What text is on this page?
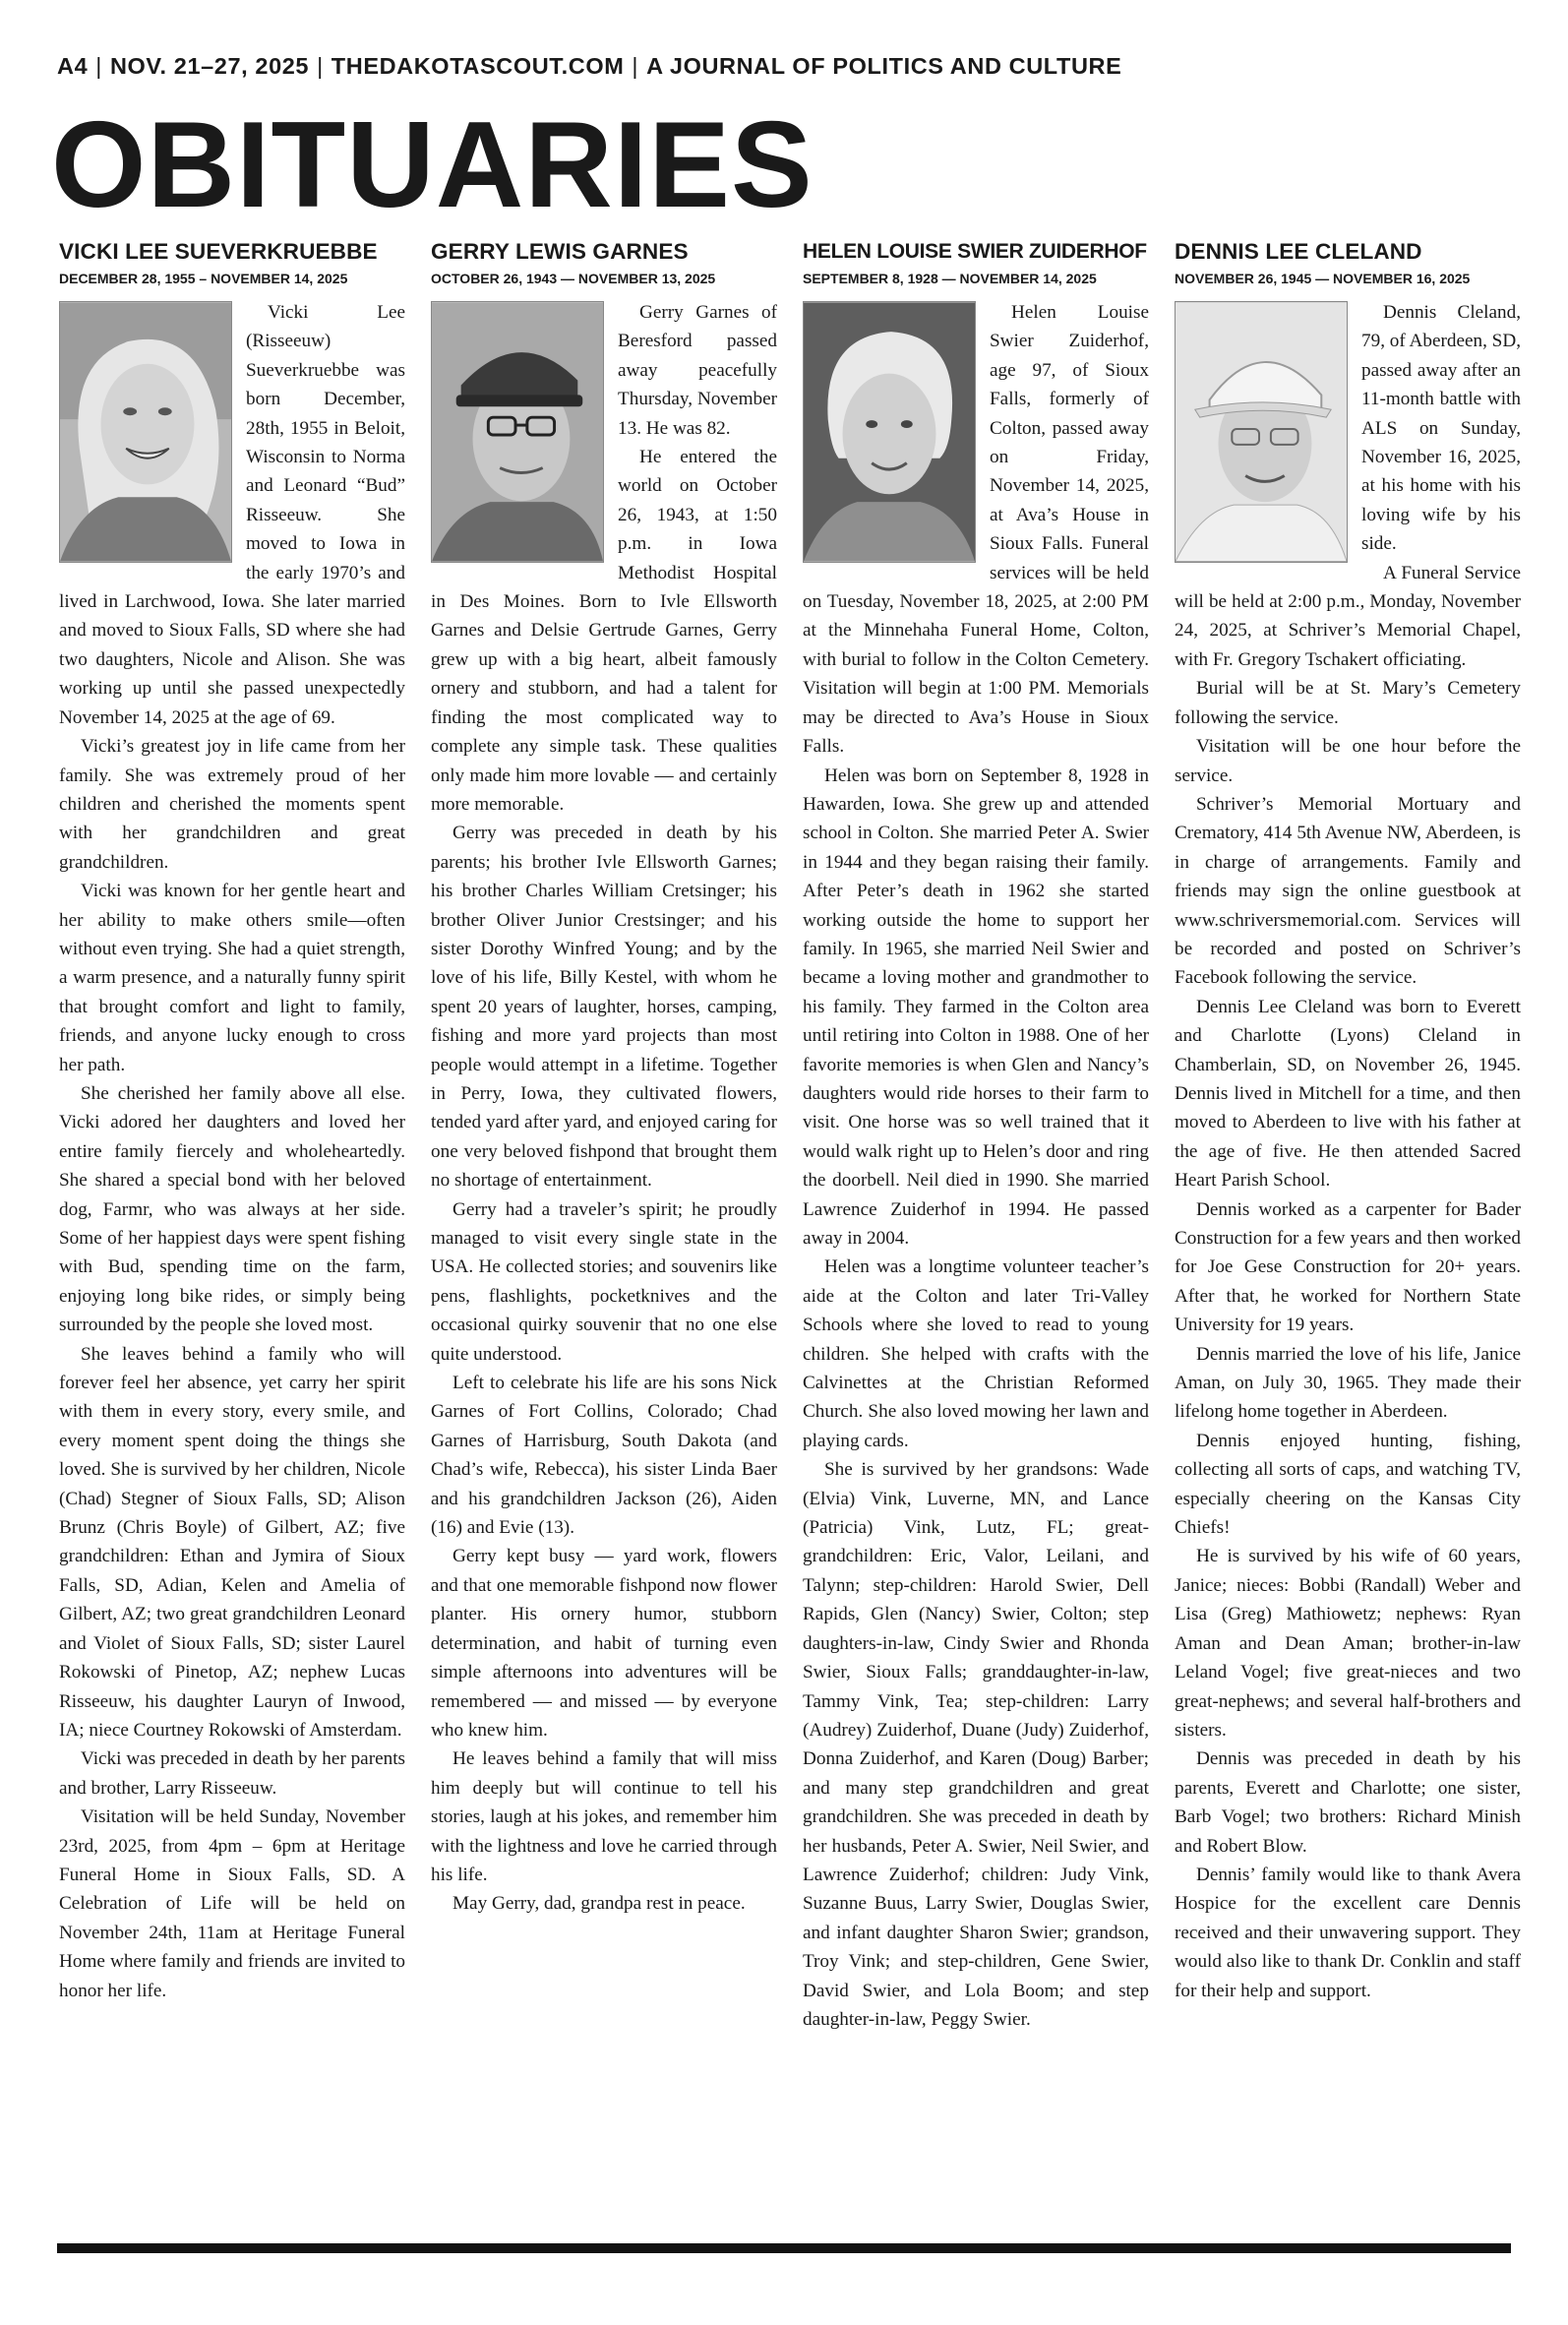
A4 | NOV. 21–27, 2025 | THEDAKOTASCOUT.COM | A JOURNAL OF POLITICS AND CULTURE
OBITUARIES
VICKI LEE SUEVERKRUEBBE
DECEMBER 28, 1955 – NOVEMBER 14, 2025

Vicki Lee (Risseeuw) Sueverkruebbe was born December, 28th, 1955 in Beloit, Wisconsin to Norma and Leonard “Bud” Risseeuw. She moved to Iowa in the early 1970’s and lived in Larchwood, Iowa. She later married and moved to Sioux Falls, SD where she had two daughters, Nicole and Alison. She was working up until she passed unexpectedly November 14, 2025 at the age of 69.

Vicki’s greatest joy in life came from her family. She was extremely proud of her children and cherished the moments spent with her grandchildren and great grandchildren.

Vicki was known for her gentle heart and her ability to make others smile—often without even trying. She had a quiet strength, a warm presence, and a naturally funny spirit that brought comfort and light to family, friends, and anyone lucky enough to cross her path.

She cherished her family above all else. Vicki adored her daughters and loved her entire family fiercely and wholeheartedly. She shared a special bond with her beloved dog, Farmr, who was always at her side. Some of her happiest days were spent fishing with Bud, spending time on the farm, enjoying long bike rides, or simply being surrounded by the people she loved most.

She leaves behind a family who will forever feel her absence, yet carry her spirit with them in every story, every smile, and every moment spent doing the things she loved. She is survived by her children, Nicole (Chad) Stegner of Sioux Falls, SD; Alison Brunz (Chris Boyle) of Gilbert, AZ; five grandchildren: Ethan and Jymira of Sioux Falls, SD, Adian, Kelen and Amelia of Gilbert, AZ; two great grandchildren Leonard and Violet of Sioux Falls, SD; sister Laurel Rokowski of Pinetop, AZ; nephew Lucas Risseeuw, his daughter Lauryn of Inwood, IA; niece Courtney Rokowski of Amsterdam.

Vicki was preceded in death by her parents and brother, Larry Risseeuw.

Visitation will be held Sunday, November 23rd, 2025, from 4pm – 6pm at Heritage Funeral Home in Sioux Falls, SD. A Celebration of Life will be held on November 24th, 11am at Heritage Funeral Home where family and friends are invited to honor her life.

GERRY LEWIS GARNES
OCTOBER 26, 1943 — NOVEMBER 13, 2025

Gerry Garnes of Beresford passed away peacefully Thursday, November 13. He was 82.

He entered the world on October 26, 1943, at 1:50 p.m. in Iowa Methodist Hospital in Des Moines. Born to Ivle Ellsworth Garnes and Delsie Gertrude Garnes, Gerry grew up with a big heart, albeit famously ornery and stubborn, and had a talent for finding the most complicated way to complete any simple task. These qualities only made him more lovable — and certainly more memorable.

Gerry was preceded in death by his parents; his brother Ivle Ellsworth Garnes; his brother Charles William Cretsinger; his brother Oliver Junior Crestsinger; and his sister Dorothy Winfred Young; and by the love of his life, Billy Kestel, with whom he spent 20 years of laughter, horses, camping, fishing and more yard projects than most people would attempt in a lifetime. Together in Perry, Iowa, they cultivated flowers, tended yard after yard, and enjoyed caring for one very beloved fishpond that brought them no shortage of entertainment.

Gerry had a traveler’s spirit; he proudly managed to visit every single state in the USA. He collected stories; and souvenirs like pens, flashlights, pocketknives and the occasional quirky souvenir that no one else quite understood.

Left to celebrate his life are his sons Nick Garnes of Fort Collins, Colorado; Chad Garnes of Harrisburg, South Dakota (and Chad’s wife, Rebecca), his sister Linda Baer and his grandchildren Jackson (26), Aiden (16) and Evie (13).

Gerry kept busy — yard work, flowers and that one memorable fishpond now flower planter. His ornery humor, stubborn determination, and habit of turning even simple afternoons into adventures will be remembered — and missed — by everyone who knew him.

He leaves behind a family that will miss him deeply but will continue to tell his stories, laugh at his jokes, and remember him with the lightness and love he carried through his life.

May Gerry, dad, grandpa rest in peace.

HELEN LOUISE SWIER ZUIDERHOF
SEPTEMBER 8, 1928 — NOVEMBER 14, 2025

Helen Louise Swier Zuiderhof, age 97, of Sioux Falls, formerly of Colton, passed away on Friday, November 14, 2025, at Ava’s House in Sioux Falls. Funeral services will be held on Tuesday, November 18, 2025, at 2:00 PM at the Minnehaha Funeral Home, Colton, with burial to follow in the Colton Cemetery. Visitation will begin at 1:00 PM. Memorials may be directed to Ava’s House in Sioux Falls.

Helen was born on September 8, 1928 in Hawarden, Iowa. She grew up and attended school in Colton. She married Peter A. Swier in 1944 and they began raising their family. After Peter’s death in 1962 she started working outside the home to support her family. In 1965, she married Neil Swier and became a loving mother and grandmother to his family. They farmed in the Colton area until retiring into Colton in 1988. One of her favorite memories is when Glen and Nancy’s daughters would ride horses to their farm to visit. One horse was so well trained that it would walk right up to Helen’s door and ring the doorbell. Neil died in 1990. She married Lawrence Zuiderhof in 1994. He passed away in 2004.

Helen was a longtime volunteer teacher’s aide at the Colton and later Tri-Valley Schools where she loved to read to young children. She helped with crafts with the Calvinettes at the Christian Reformed Church. She also loved mowing her lawn and playing cards.

She is survived by her grandsons: Wade (Elvia) Vink, Luverne, MN, and Lance (Patricia) Vink, Lutz, FL; great-grandchildren: Eric, Valor, Leilani, and Talynn; step-children: Harold Swier, Dell Rapids, Glen (Nancy) Swier, Colton; step daughters-in-law, Cindy Swier and Rhonda Swier, Sioux Falls; granddaughter-in-law, Tammy Vink, Tea; step-children: Larry (Audrey) Zuiderhof, Duane (Judy) Zuiderhof, Donna Zuiderhof, and Karen (Doug) Barber; and many step grandchildren and great grandchildren. She was preceded in death by her husbands, Peter A. Swier, Neil Swier, and Lawrence Zuiderhof; children: Judy Vink, Suzanne Buus, Larry Swier, Douglas Swier, and infant daughter Sharon Swier; grandson, Troy Vink; and step-children, Gene Swier, David Swier, and Lola Boom; and step daughter-in-law, Peggy Swier.

DENNIS LEE CLELAND
NOVEMBER 26, 1945 — NOVEMBER 16, 2025

Dennis Cleland, 79, of Aberdeen, SD, passed away after an 11-month battle with ALS on Sunday, November 16, 2025, at his home with his loving wife by his side.

A Funeral Service will be held at 2:00 p.m., Monday, November 24, 2025, at Schriver’s Memorial Chapel, with Fr. Gregory Tschakert officiating.

Burial will be at St. Mary’s Cemetery following the service.

Visitation will be one hour before the service.

Schriver’s Memorial Mortuary and Crematory, 414 5th Avenue NW, Aberdeen, is in charge of arrangements. Family and friends may sign the online guestbook at www.schriversmemorial.com. Services will be recorded and posted on Schriver’s Facebook following the service.

Dennis Lee Cleland was born to Everett and Charlotte (Lyons) Cleland in Chamberlain, SD, on November 26, 1945. Dennis lived in Mitchell for a time, and then moved to Aberdeen to live with his father at the age of five. He then attended Sacred Heart Parish School.

Dennis worked as a carpenter for Bader Construction for a few years and then worked for Joe Gese Construction for 20+ years. After that, he worked for Northern State University for 19 years.

Dennis married the love of his life, Janice Aman, on July 30, 1965. They made their lifelong home together in Aberdeen.

Dennis enjoyed hunting, fishing, collecting all sorts of caps, and watching TV, especially cheering on the Kansas City Chiefs!

He is survived by his wife of 60 years, Janice; nieces: Bobbi (Randall) Weber and Lisa (Greg) Mathiowetz; nephews: Ryan Aman and Dean Aman; brother-in-law Leland Vogel; five great-nieces and two great-nephews; and several half-brothers and sisters.

Dennis was preceded in death by his parents, Everett and Charlotte; one sister, Barb Vogel; two brothers: Richard Minish and Robert Blow.

Dennis’ family would like to thank Avera Hospice for the excellent care Dennis received and their unwavering support. They would also like to thank Dr. Conklin and staff for their help and support.
